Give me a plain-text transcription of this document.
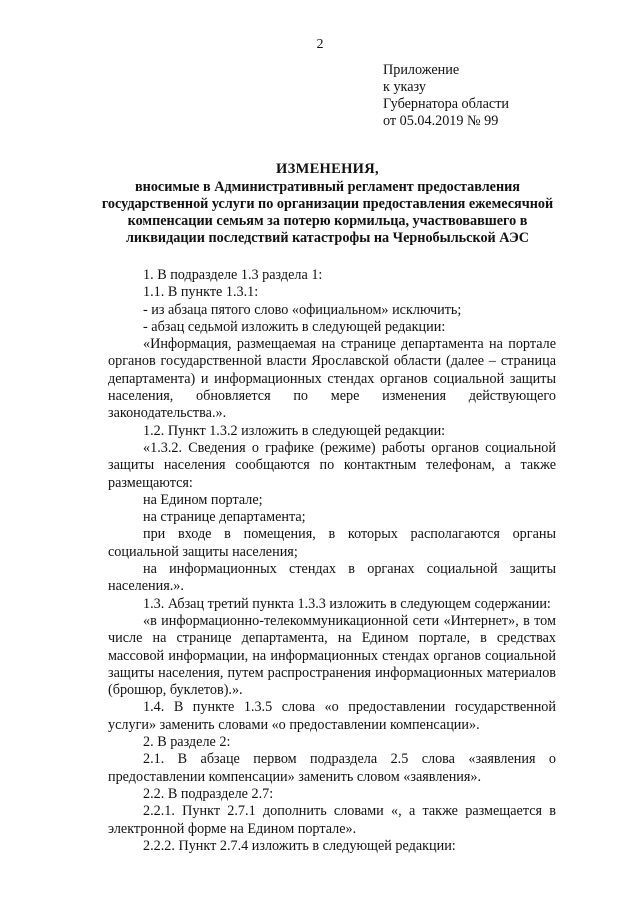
2
Приложение
к указу
Губернатора области
от 05.04.2019 № 99
ИЗМЕНЕНИЯ,
вносимые в Административный регламент предоставления государственной услуги по организации предоставления ежемесячной компенсации семьям за потерю кормильца, участвовавшего в ликвидации последствий катастрофы на Чернобыльской АЭС

1. В подразделе 1.3 раздела 1:

1.1. В пункте 1.3.1:

- из абзаца пятого слово «официальном» исключить;

- абзац седьмой изложить в следующей редакции:

«Информация, размещаемая на странице департамента на портале органов государственной власти Ярославской области (далее – страница департамента) и информационных стендах органов социальной защиты населения, обновляется по мере изменения действующего законодательства.».

1.2. Пункт 1.3.2 изложить в следующей редакции:

«1.3.2. Сведения о графике (режиме) работы органов социальной защиты населения сообщаются по контактным телефонам, а также размещаются:

на Едином портале;

на странице департамента;

при входе в помещения, в которых располагаются органы социальной защиты населения;

на информационных стендах в органах социальной защиты населения.».

1.3. Абзац третий пункта 1.3.3 изложить в следующем содержании:

«в информационно-телекоммуникационной сети «Интернет», в том числе на странице департамента, на Едином портале, в средствах массовой информации, на информационных стендах органов социальной защиты населения, путем распространения информационных материалов (брошюр, буклетов).».

1.4. В пункте 1.3.5 слова «о предоставлении государственной услуги» заменить словами «о предоставлении компенсации».

2. В разделе 2:

2.1. В абзаце первом подраздела 2.5 слова «заявления о предоставлении компенсации» заменить словом «заявления».

2.2. В подразделе 2.7:

2.2.1. Пункт 2.7.1 дополнить словами «, а также размещается в электронной форме на Едином портале».

2.2.2. Пункт 2.7.4 изложить в следующей редакции:
